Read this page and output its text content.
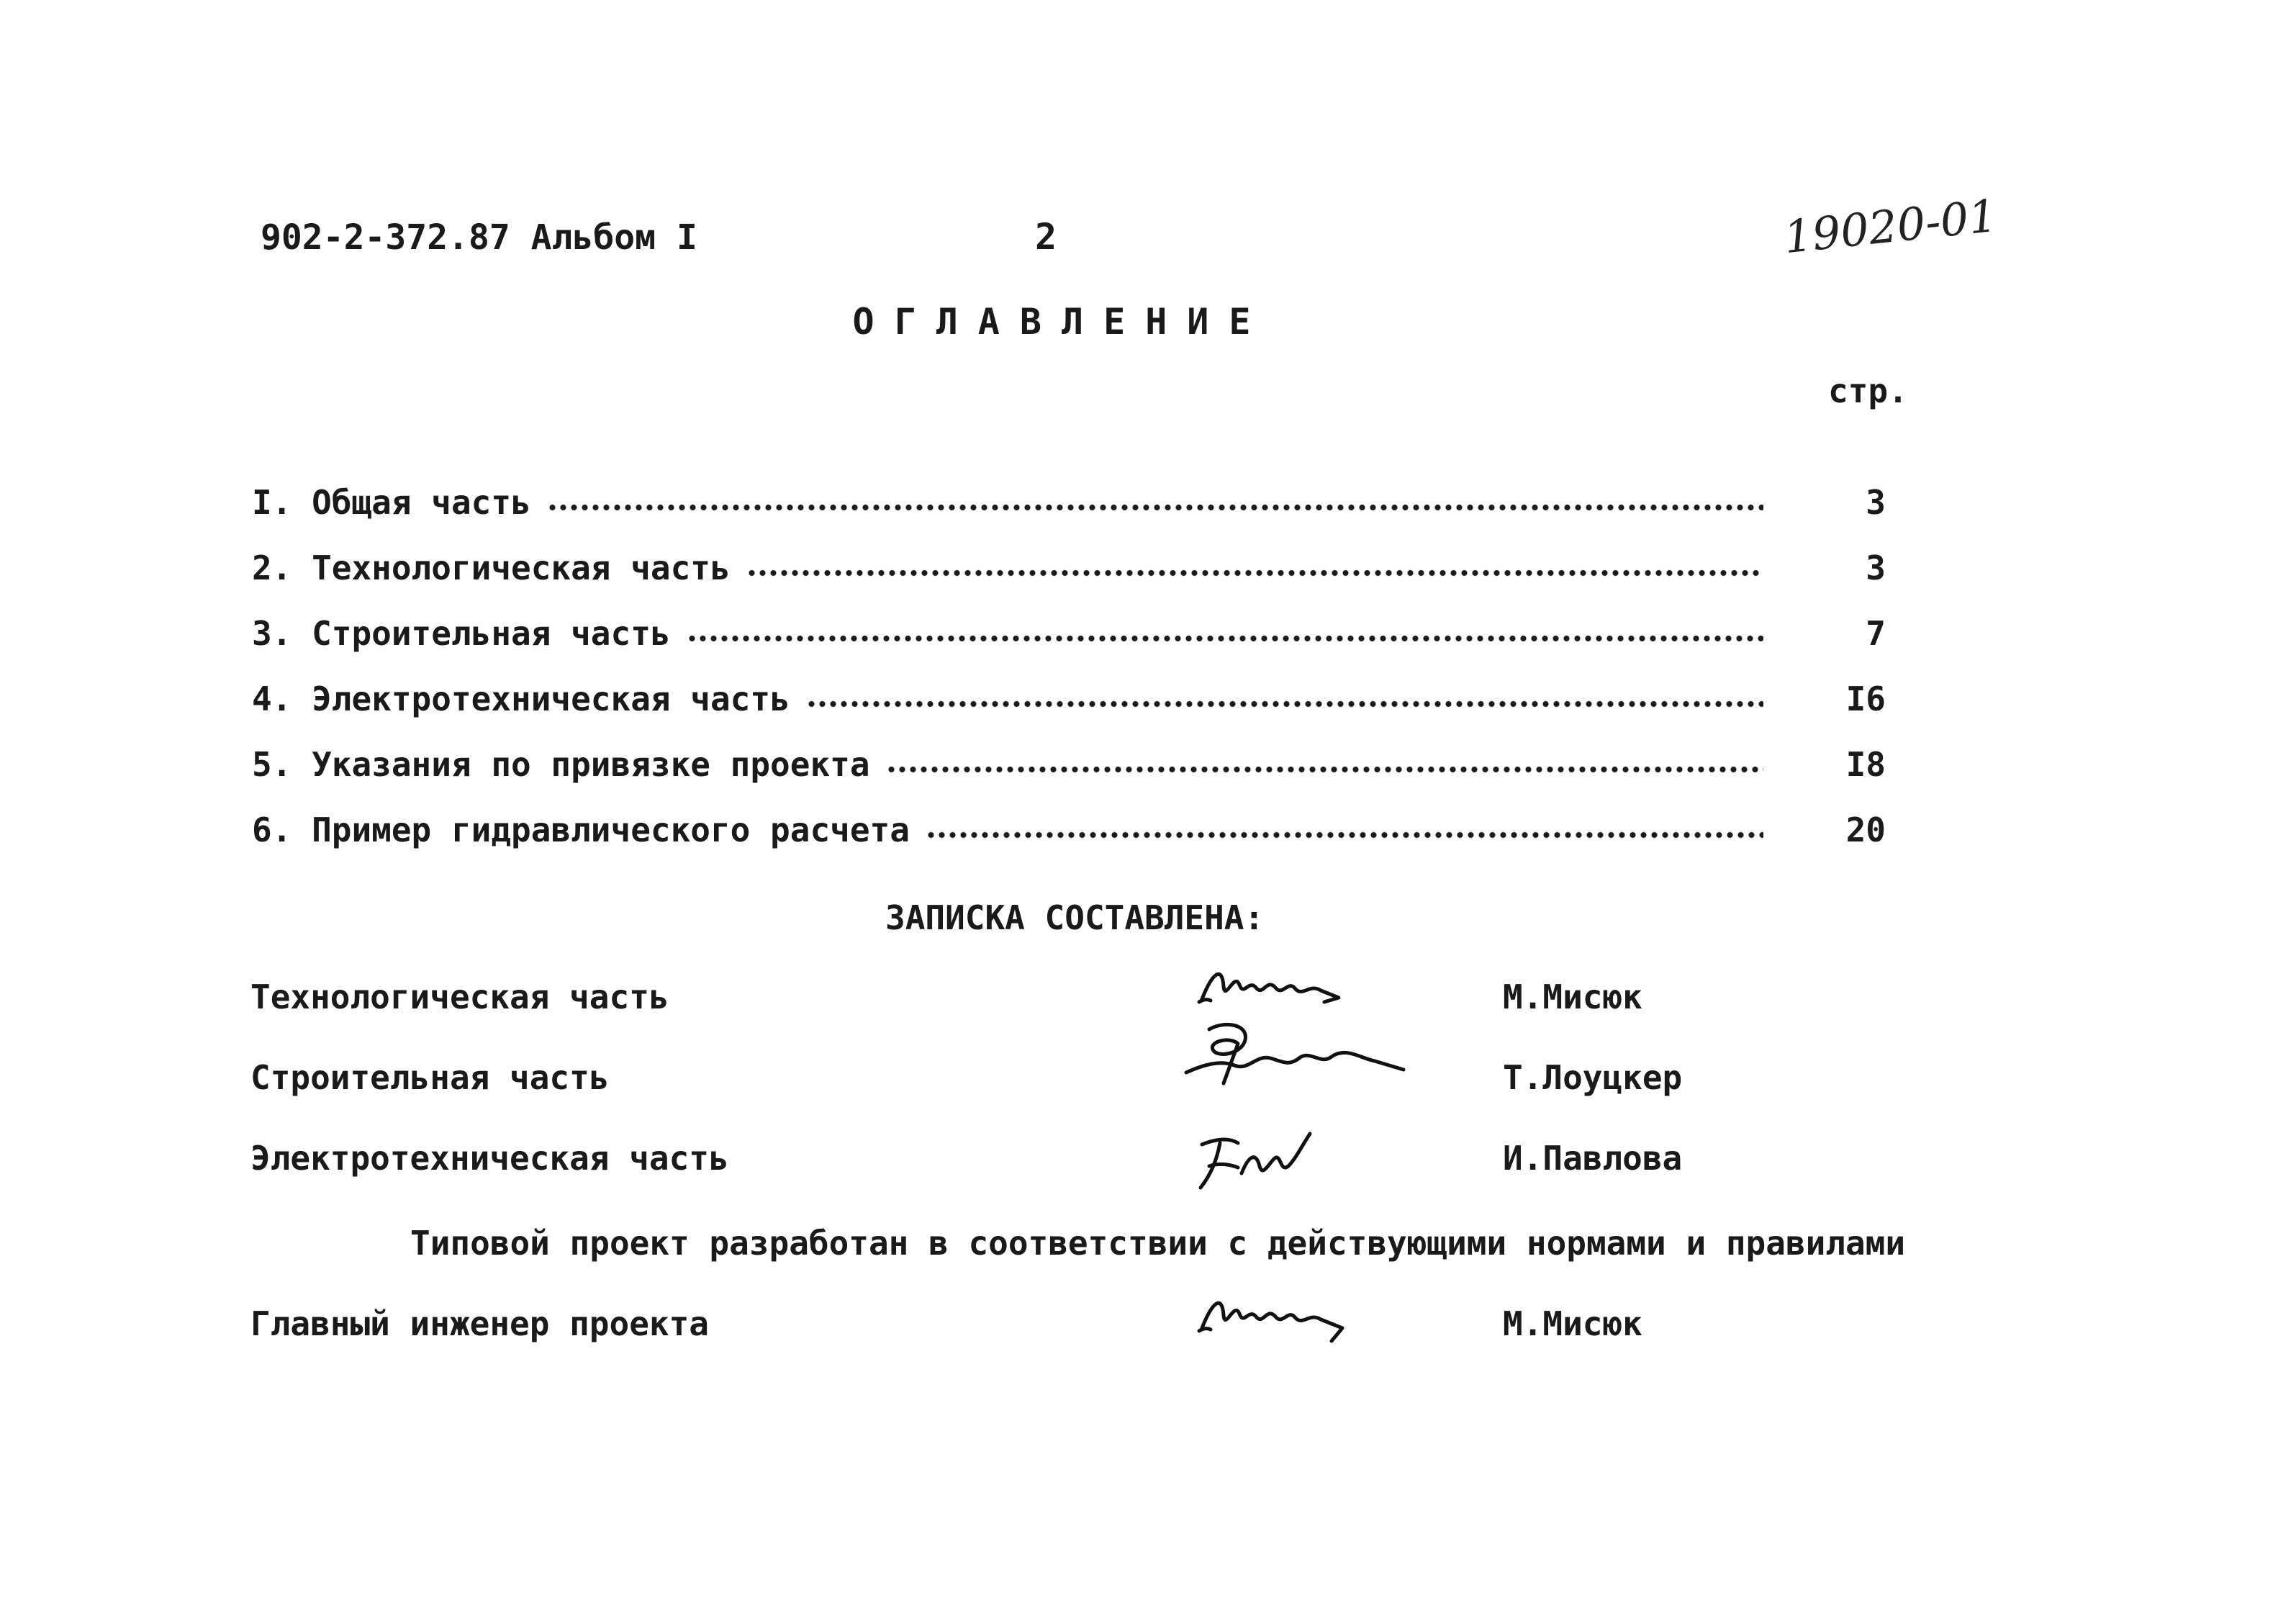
902-2-372.87 Альбом I	2	19020-01
ОГЛАВЛЕНИЕ
стр.
I. Общая часть	3
2. Технологическая часть	3
3. Строительная часть	7
4. Электротехническая часть	I6
5. Указания по привязке проекта	I8
6. Пример гидравлического расчета	20
ЗАПИСКА СОСТАВЛЕНА:
Технологическая часть	М.Мисюк
Строительная часть	Т.Лоуцкер
Электротехническая часть	И.Павлова
Типовой проект разработан в соответствии с действующими нормами и правилами
Главный инженер проекта	М.Мисюк
